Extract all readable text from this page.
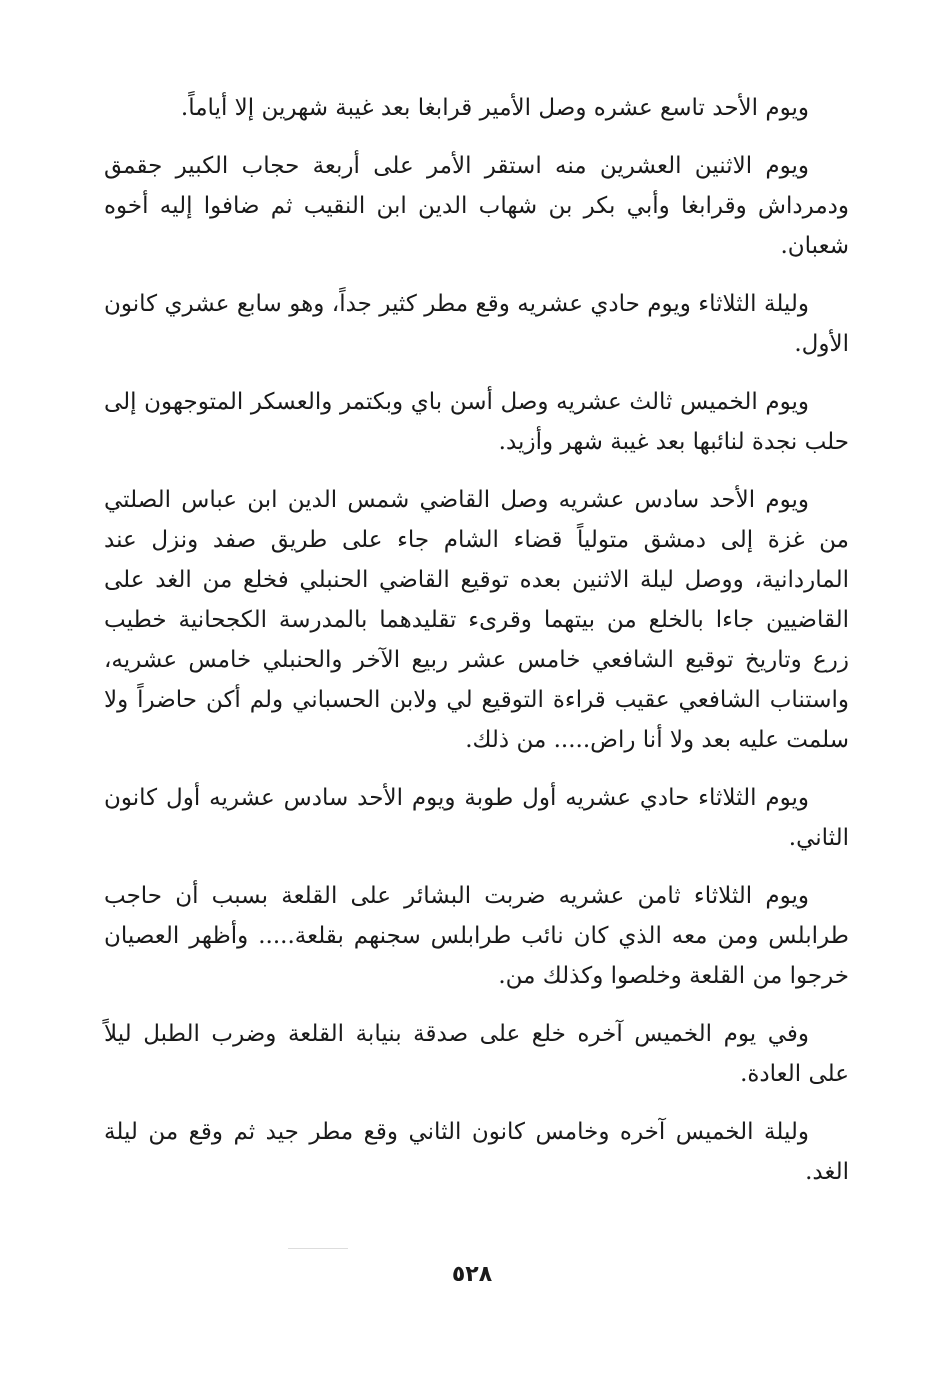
ويوم الأحد تاسع عشره وصل الأمير قرابغا بعد غيبة شهرين إلا أياماً.

ويوم الاثنين العشرين منه استقر الأمر على أربعة حجاب الكبير جقمق ودمرداش وقرابغا وأبي بكر بن شهاب الدين ابن النقيب ثم ضافوا إليه أخوه شعبان.

وليلة الثلاثاء ويوم حادي عشريه وقع مطر كثير جداً، وهو سابع عشري كانون الأول.

ويوم الخميس ثالث عشريه وصل أسن باي وبكتمر والعسكر المتوجهون إلى حلب نجدة لنائبها بعد غيبة شهر وأزيد.

ويوم الأحد سادس عشريه وصل القاضي شمس الدين ابن عباس الصلتي من غزة إلى دمشق متولياً قضاء الشام جاء على طريق صفد ونزل عند الماردانية، ووصل ليلة الاثنين بعده توقيع القاضي الحنبلي فخلع من الغد على القاضيين جاءا بالخلع من بيتهما وقرىء تقليدهما بالمدرسة الكجحانية خطيب زرع وتاريخ توقيع الشافعي خامس عشر ربيع الآخر والحنبلي خامس عشريه، واستناب الشافعي عقيب قراءة التوقيع لي ولابن الحسباني ولم أكن حاضراً ولا سلمت عليه بعد ولا أنا راض..... من ذلك.

ويوم الثلاثاء حادي عشريه أول طوبة ويوم الأحد سادس عشريه أول كانون الثاني.

ويوم الثلاثاء ثامن عشريه ضربت البشائر على القلعة بسبب أن حاجب طرابلس ومن معه الذي كان نائب طرابلس سجنهم بقلعة..... وأظهر العصيان خرجوا من القلعة وخلصوا وكذلك من.

وفي يوم الخميس آخره خلع على صدقة بنيابة القلعة وضرب الطبل ليلاً على العادة.

وليلة الخميس آخره وخامس كانون الثاني وقع مطر جيد ثم وقع من ليلة الغد.

٥٢٨
